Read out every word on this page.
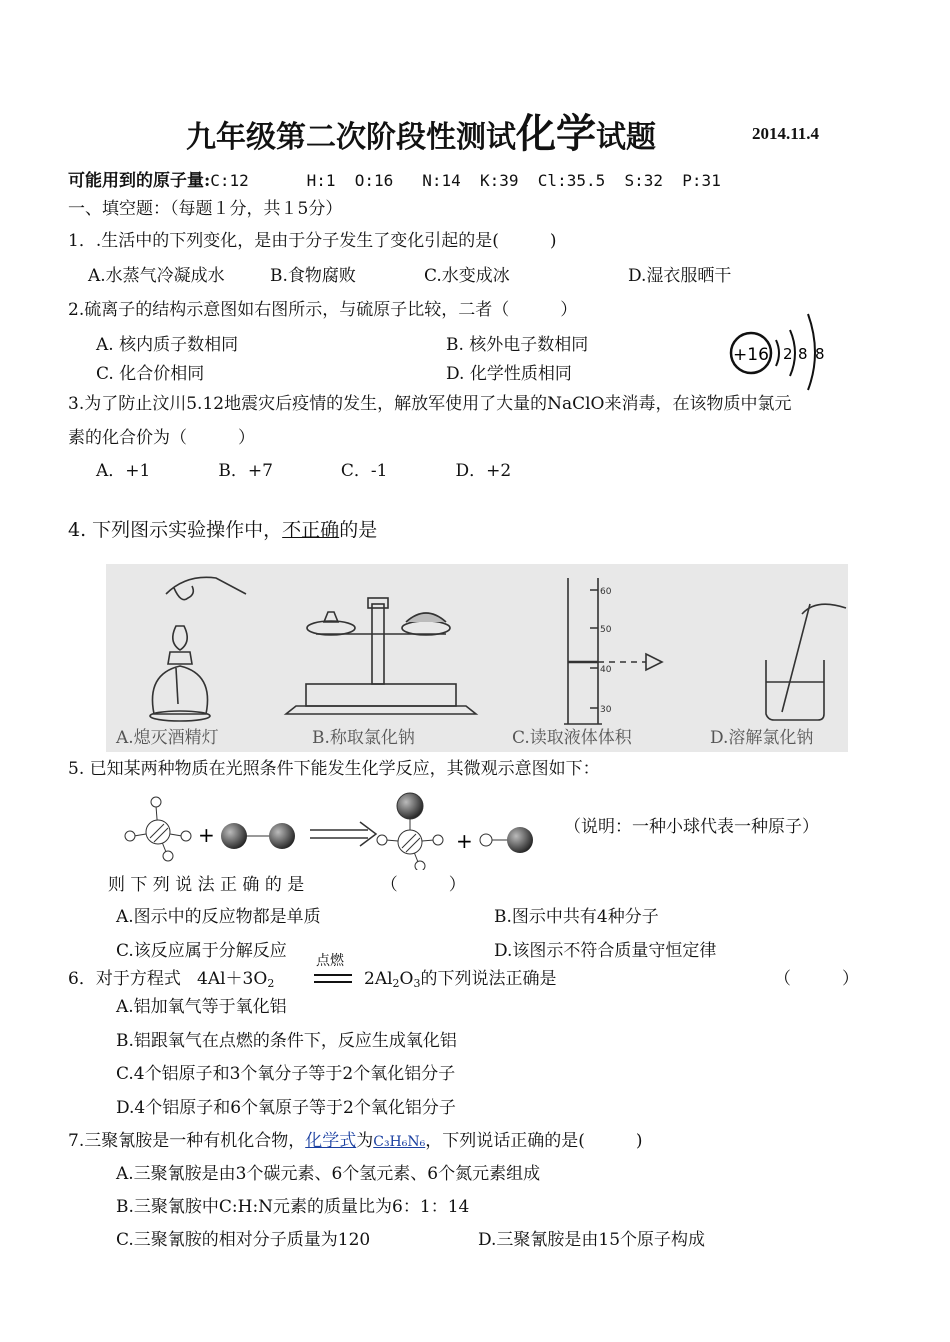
九年级第二次阶段性测试化学试题	2014.11.4
可能用到的原子量:C:12      H:1  O:16   N:14  K:39  Cl:35.5  S:32  P:31
一、填空题：（每题１分，共１5分）
1．.生活中的下列变化，是由于分子发生了变化引起的是(　　　)
A.水蒸气冷凝成水	B.食物腐败	C.水变成冰	D.湿衣服晒干
2.硫离子的结构示意图如右图所示，与硫原子比较，二者（　　　）
A. 核内质子数相同	B. 核外电子数相同
C. 化合价相同	D. 化学性质相同
+16 2 8 8
3.为了防止汶川5.12地震灾后疫情的发生，解放军使用了大量的NaClO来消毒，在该物质中氯元
素的化合价为（　　　）
A．+1　　　　B．+7　　　　C．-1　　　　D．+2
4. 下列图示实验操作中，不正确的是
60
50
40
30
A.熄灭酒精灯	B.称取氯化钠	C.读取液体体积	D.溶解氯化钠
5. 已知某两种物质在光照条件下能发生化学反应，其微观示意图如下：
+	+
（说明：一种小球代表一种原子）
则 下 列 说 法 正 确 的 是　　　　　（　　　）
A.图示中的反应物都是单质	B.图示中共有4种分子
C.该反应属于分解反应	D.该图示不符合质量守恒定律
6．对于方程式   $4Al+3O_2$
点燃
$2Al_2O_3$的下列说法正确是	（　　　）
A.铝加氧气等于氧化铝
B.铝跟氧气在点燃的条件下，反应生成氧化铝
C.4个铝原子和3个氧分子等于2个氧化铝分子
D.4个铝原子和6个氧原子等于2个氧化铝分子
7.三聚氰胺是一种有机化合物，化学式为C₃H₆N₆，下列说话正确的是(　　　)
A.三聚氰胺是由3个碳元素、6个氢元素、6个氮元素组成
B.三聚氰胺中C:H:N元素的质量比为6：1：14
C.三聚氰胺的相对分子质量为120	D.三聚氰胺是由15个原子构成
